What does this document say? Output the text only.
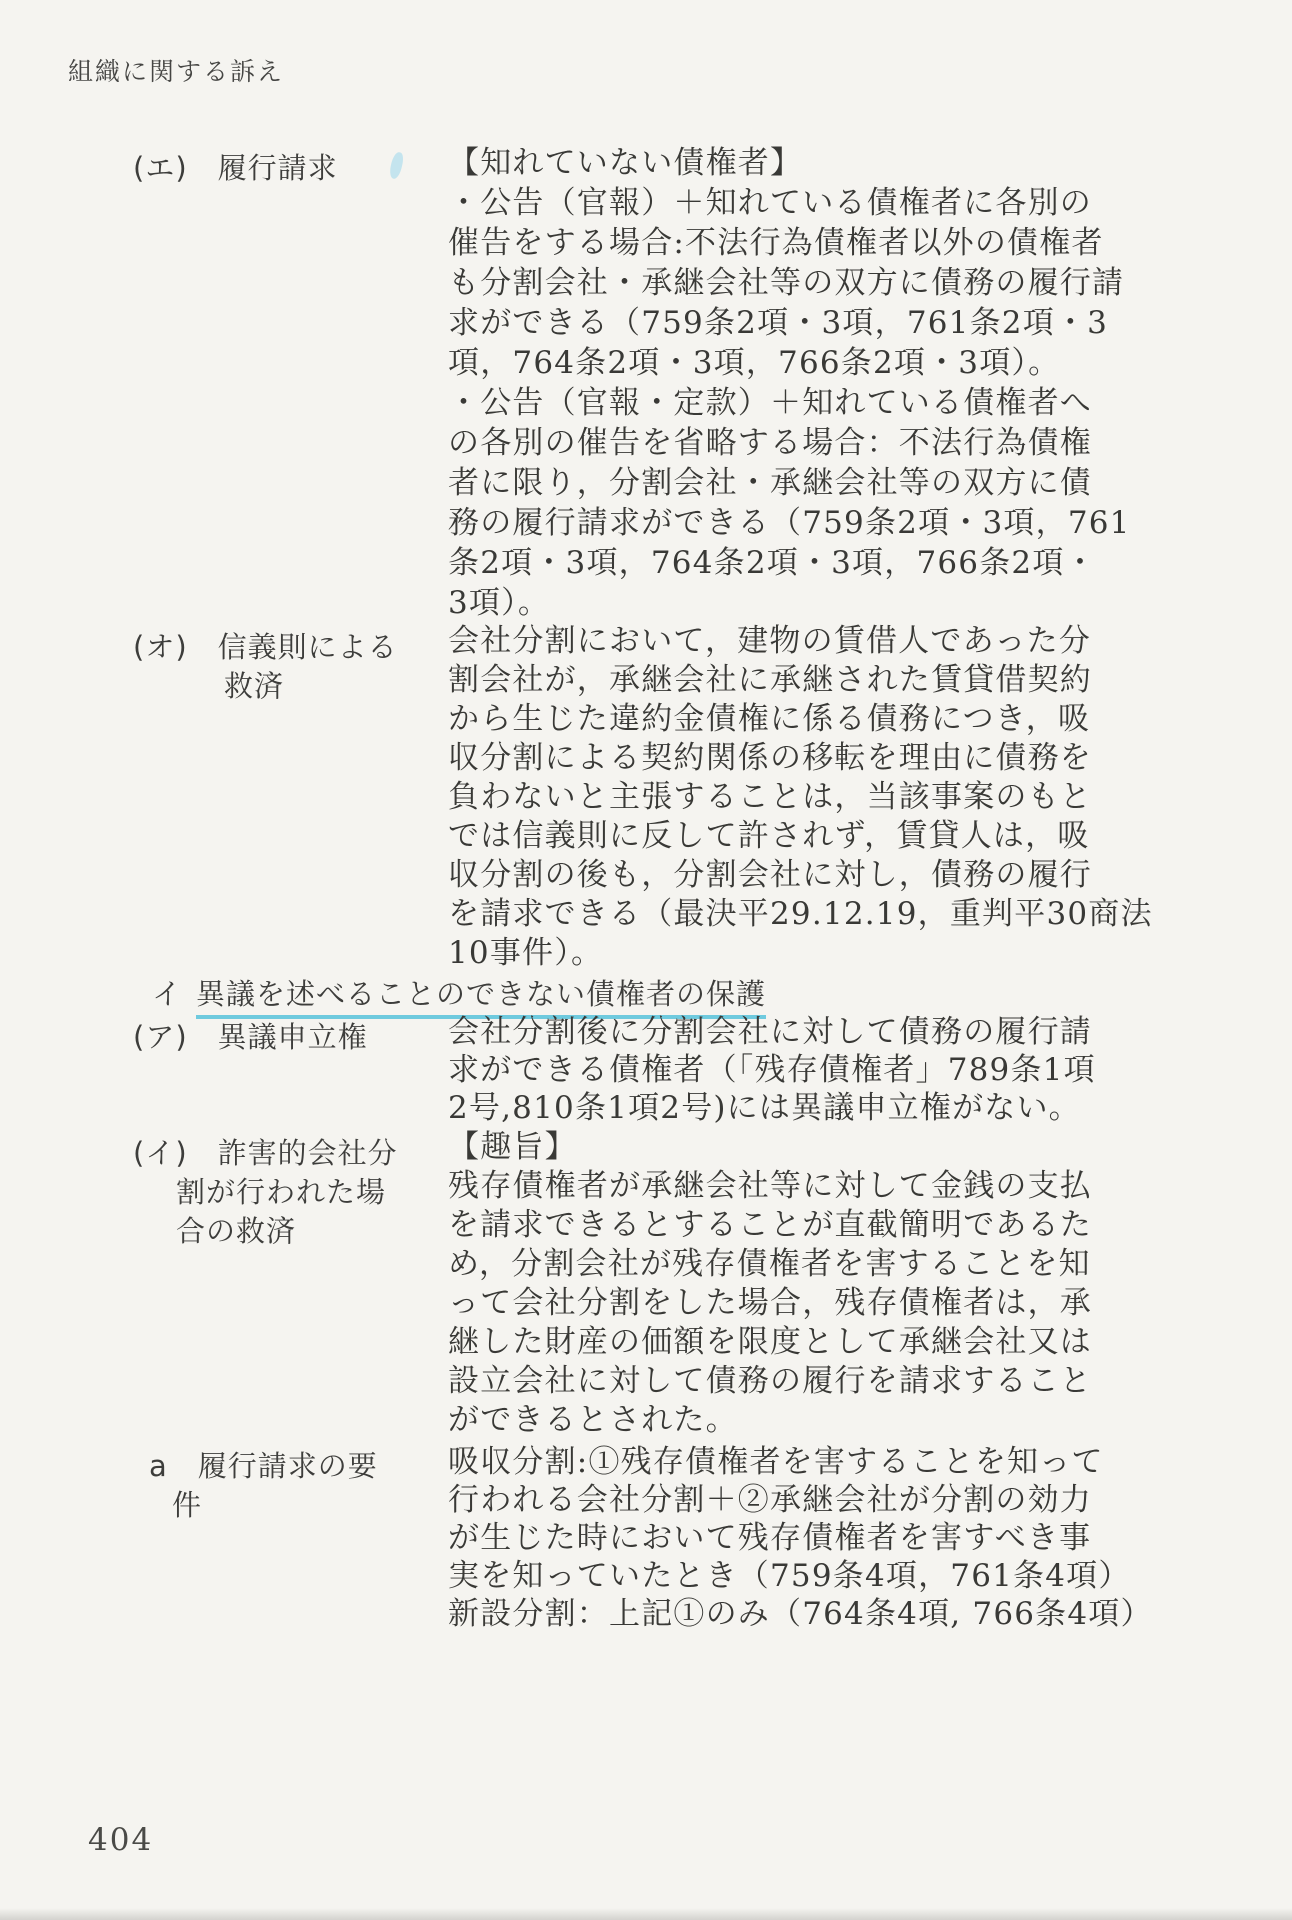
組織に関する訴え
(エ)　履行請求	【知れていない債権者】
・公告（官報）＋知れている債権者に各別の
催告をする場合:不法行為債権者以外の債権者
も分割会社・承継会社等の双方に債務の履行請
求ができる（759条2項・3項，761条2項・3
項，764条2項・3項，766条2項・3項）。
・公告（官報・定款）＋知れている債権者へ
の各別の催告を省略する場合：不法行為債権
者に限り，分割会社・承継会社等の双方に債
務の履行請求ができる（759条2項・3項，761
条2項・3項，764条2項・3項，766条2項・
3項）。
(オ)　信義則による
救済
会社分割において，建物の賃借人であった分
割会社が，承継会社に承継された賃貸借契約
から生じた違約金債権に係る債務につき，吸
収分割による契約関係の移転を理由に債務を
負わないと主張することは，当該事案のもと
では信義則に反して許されず，賃貸人は，吸
収分割の後も，分割会社に対し，債務の履行
を請求できる（最決平29.12.19，重判平30商法
10事件）。
イ 異議を述べることのできない債権者の保護
(ア)　異議申立権	会社分割後に分割会社に対して債務の履行請
求ができる債権者（「残存債権者」789条1項
2号,810条1項2号)には異議申立権がない。
(イ)　詐害的会社分
割が行われた場
合の救済
【趣旨】
残存債権者が承継会社等に対して金銭の支払
を請求できるとすることが直截簡明であるた
め，分割会社が残存債権者を害することを知
って会社分割をした場合，残存債権者は，承
継した財産の価額を限度として承継会社又は
設立会社に対して債務の履行を請求すること
ができるとされた。
a　履行請求の要
件
吸収分割:①残存債権者を害することを知って
行われる会社分割＋②承継会社が分割の効力
が生じた時において残存債権者を害すべき事
実を知っていたとき（759条4項，761条4項）
新設分割：上記①のみ（764条4項, 766条4項）
404
